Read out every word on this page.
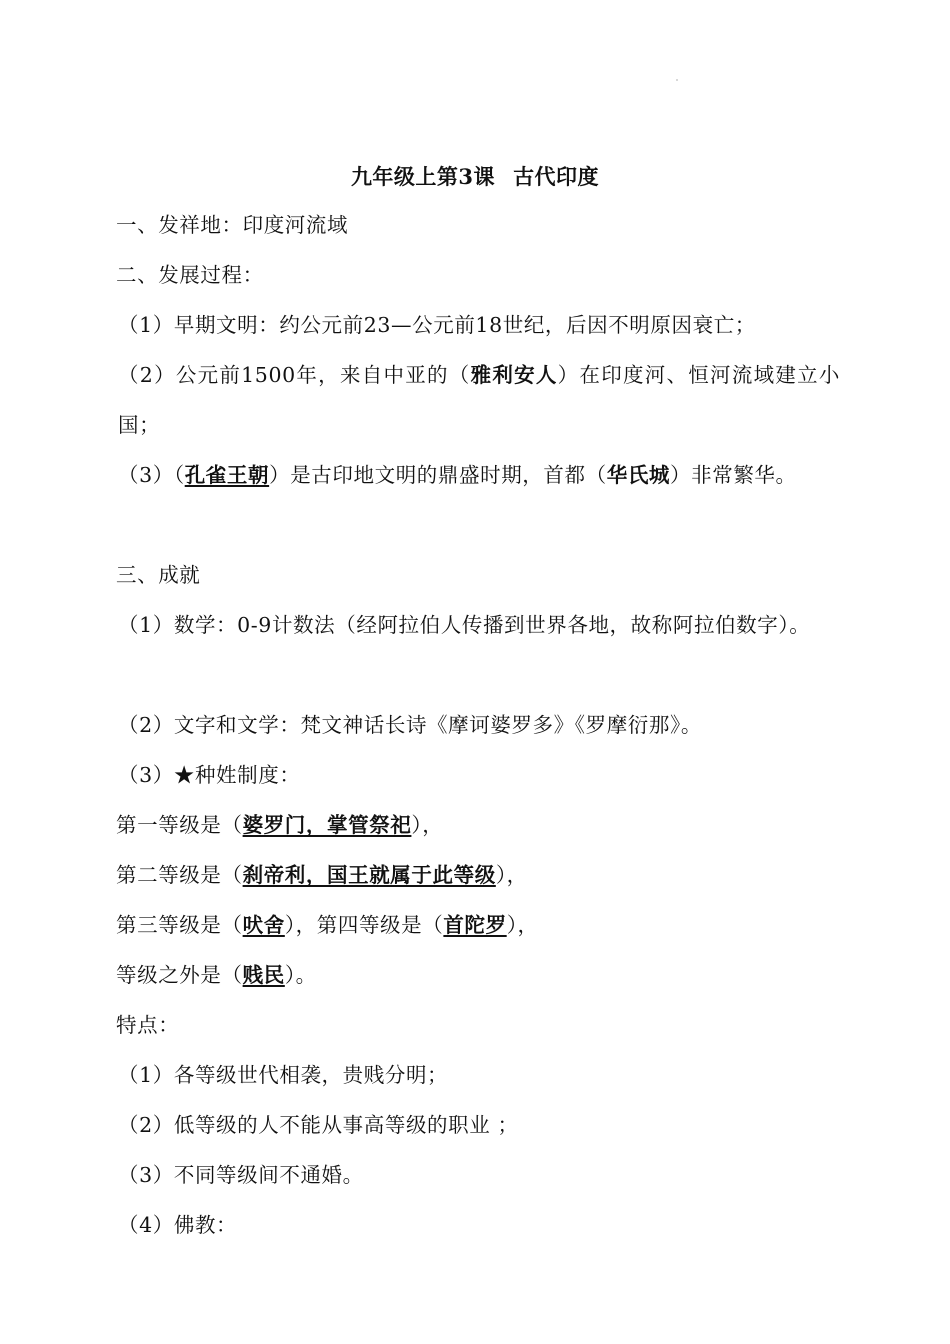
九年级上第3课 古代印度
一、发祥地：印度河流域
二、发展过程：
（1）早期文明：约公元前23—公元前18世纪，后因不明原因衰亡；
（2）公元前1500年，来自中亚的（雅利安人）在印度河、恒河流域建立小国；
（3）（孔雀王朝）是古印地文明的鼎盛时期，首都（华氏城）非常繁华。
三、成就
（1）数学：0-9计数法（经阿拉伯人传播到世界各地，故称阿拉伯数字）。
（2）文字和文学：梵文神话长诗《摩诃婆罗多》《罗摩衍那》。
（3）★种姓制度：
第一等级是（婆罗门，掌管祭祀），
第二等级是（刹帝利，国王就属于此等级），
第三等级是（吠舍），第四等级是（首陀罗），
等级之外是（贱民）。
特点：
（1）各等级世代相袭，贵贱分明；
（2）低等级的人不能从事高等级的职业 ；
（3）不同等级间不通婚。
（4）佛教：
